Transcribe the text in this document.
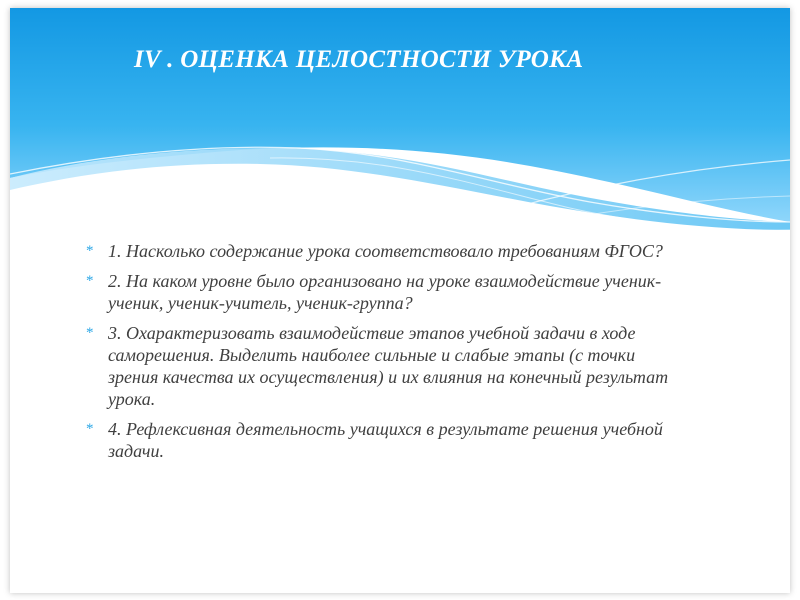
IV . ОЦЕНКА ЦЕЛОСТНОСТИ УРОКА
* 1. Насколько содержание урока соответствовало требованиям ФГОС?
* 2. На каком уровне было организовано на уроке взаимодействие ученик-ученик, ученик-учитель, ученик-группа?
* 3. Охарактеризовать взаимодействие этапов учебной задачи в ходе саморешения. Выделить наиболее сильные и слабые этапы (с точки зрения качества их осуществления) и их влияния на конечный результат урока.
* 4. Рефлексивная деятельность учащихся в результате решения учебной задачи.
